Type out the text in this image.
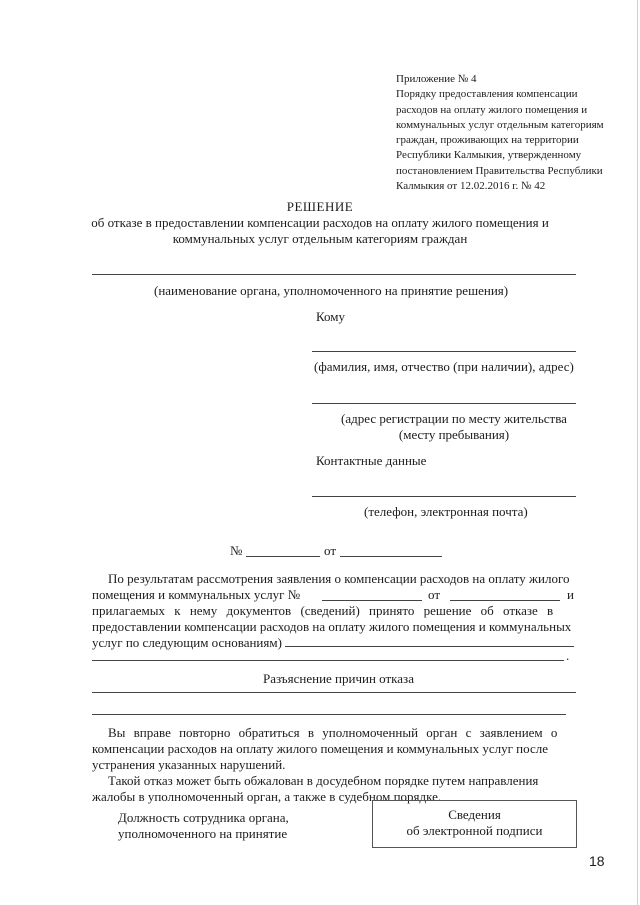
Приложение № 4
Порядку предоставления компенсации
расходов на оплату жилого помещения и
коммунальных услуг отдельным категориям
граждан, проживающих на территории
Республики Калмыкия, утвержденному
постановлением Правительства Республики
Калмыкия от 12.02.2016 г. № 42
РЕШЕНИЕ
об отказе в предоставлении компенсации расходов на оплату жилого помещения и
коммунальных услуг отдельным категориям граждан
(наименование органа, уполномоченного на принятие решения)
Кому
(фамилия, имя, отчество (при наличии), адрес)
(адрес регистрации по месту жительства
(месту пребывания)
Контактные данные
(телефон, электронная почта)
№	от
По результатам рассмотрения заявления о компенсации расходов на оплату жилого
помещения и коммунальных услуг №	от	и
прилагаемых к нему документов (сведений) принято решение об отказе в
предоставлении компенсации расходов на оплату жилого помещения и коммунальных
услуг по следующим основаниям)
.
Разъяснение причин отказа
Вы вправе повторно обратиться в уполномоченный орган с заявлением о
компенсации расходов на оплату жилого помещения и коммунальных услуг после
устранения указанных нарушений.
Такой отказ может быть обжалован в досудебном порядке путем направления
жалобы в уполномоченный орган, а также в судебном порядке.
Должность сотрудника органа,
уполномоченного на принятие
Сведения
об электронной подписи
18
